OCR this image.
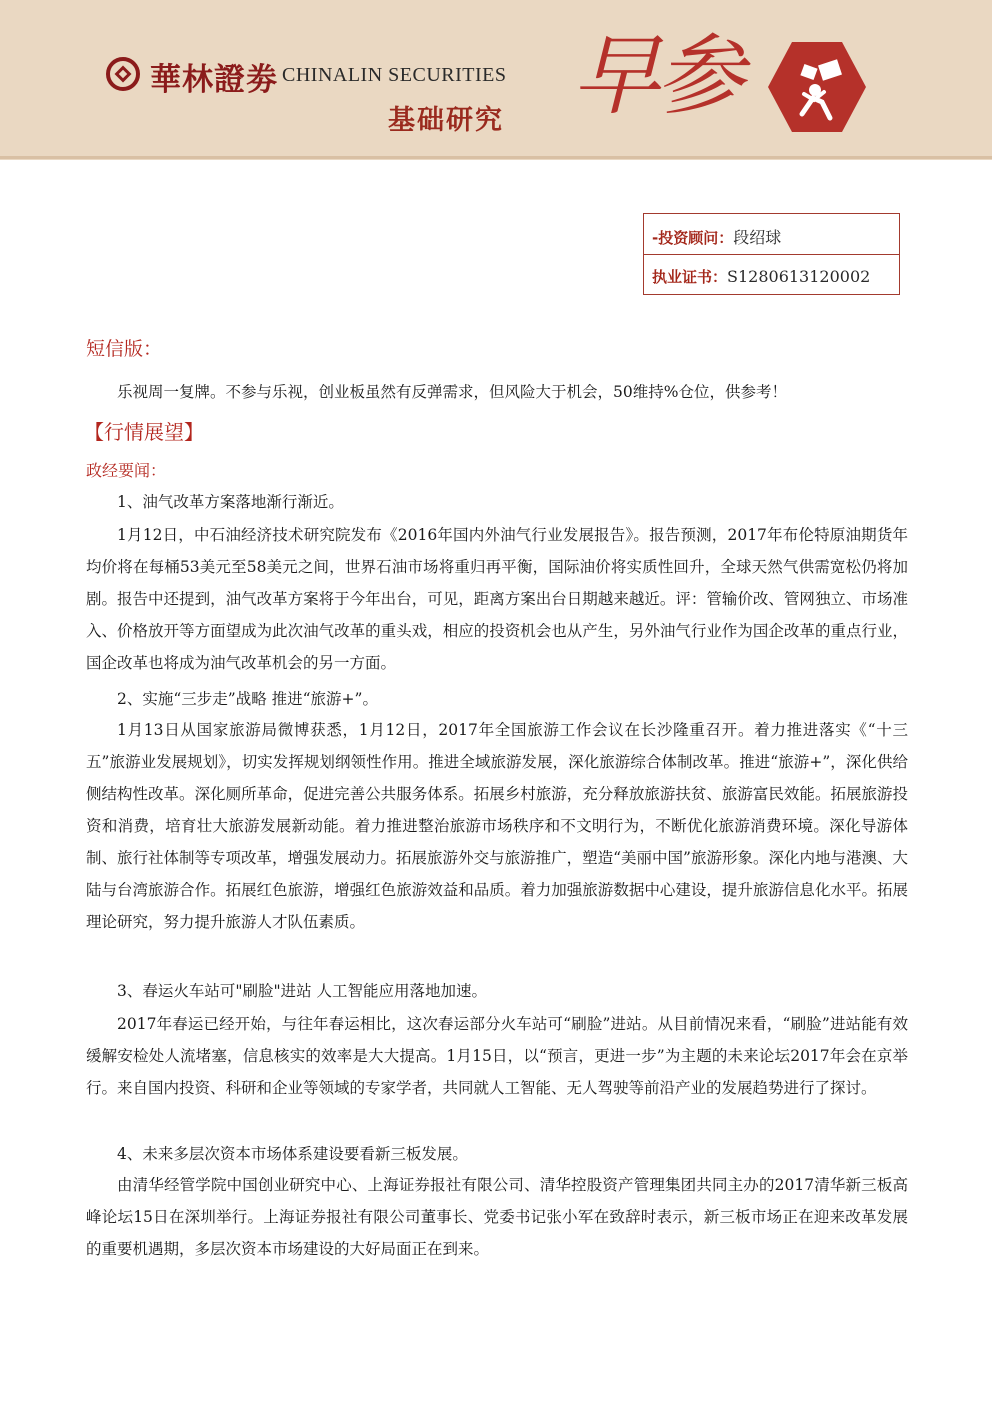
華林證劵 CHINALIN SECURITIES
基础研究 早参
-投资顾问：段绍球
执业证书：S1280613120002
短信版：
乐视周一复牌。不参与乐视，创业板虽然有反弹需求，但风险大于机会，50维持%仓位，供参考！
【行情展望】
政经要闻：
1、油气改革方案落地渐行渐近。
1月12日，中石油经济技术研究院发布《2016年国内外油气行业发展报告》。报告预测，2017年布伦特原油期货年均价将在每桶53美元至58美元之间，世界石油市场将重归再平衡，国际油价将实质性回升，全球天然气供需宽松仍将加剧。报告中还提到，油气改革方案将于今年出台，可见，距离方案出台日期越来越近。评：管输价改、管网独立、市场准入、价格放开等方面望成为此次油气改革的重头戏，相应的投资机会也从产生，另外油气行业作为国企改革的重点行业，国企改革也将成为油气改革机会的另一方面。
2、实施“三步走”战略 推进“旅游+”。
1月13日从国家旅游局微博获悉，1月12日，2017年全国旅游工作会议在长沙隆重召开。着力推进落实《“十三五”旅游业发展规划》，切实发挥规划纲领性作用。推进全域旅游发展，深化旅游综合体制改革。推进“旅游+”，深化供给侧结构性改革。深化厕所革命，促进完善公共服务体系。拓展乡村旅游，充分释放旅游扶贫、旅游富民效能。拓展旅游投资和消费，培育壮大旅游发展新动能。着力推进整治旅游市场秩序和不文明行为，不断优化旅游消费环境。深化导游体制、旅行社体制等专项改革，增强发展动力。拓展旅游外交与旅游推广，塑造“美丽中国”旅游形象。深化内地与港澳、大陆与台湾旅游合作。拓展红色旅游，增强红色旅游效益和品质。着力加强旅游数据中心建设，提升旅游信息化水平。拓展理论研究，努力提升旅游人才队伍素质。
3、春运火车站可"刷脸"进站 人工智能应用落地加速。
2017年春运已经开始，与往年春运相比，这次春运部分火车站可“刷脸”进站。从目前情况来看，“刷脸”进站能有效缓解安检处人流堵塞，信息核实的效率是大大提高。1月15日，以“预言，更进一步”为主题的未来论坛2017年会在京举行。来自国内投资、科研和企业等领域的专家学者，共同就人工智能、无人驾驶等前沿产业的发展趋势进行了探讨。
4、未来多层次资本市场体系建设要看新三板发展。
由清华经管学院中国创业研究中心、上海证券报社有限公司、清华控股资产管理集团共同主办的2017清华新三板高峰论坛15日在深圳举行。上海证券报社有限公司董事长、党委书记张小军在致辞时表示，新三板市场正在迎来改革发展的重要机遇期，多层次资本市场建设的大好局面正在到来。
